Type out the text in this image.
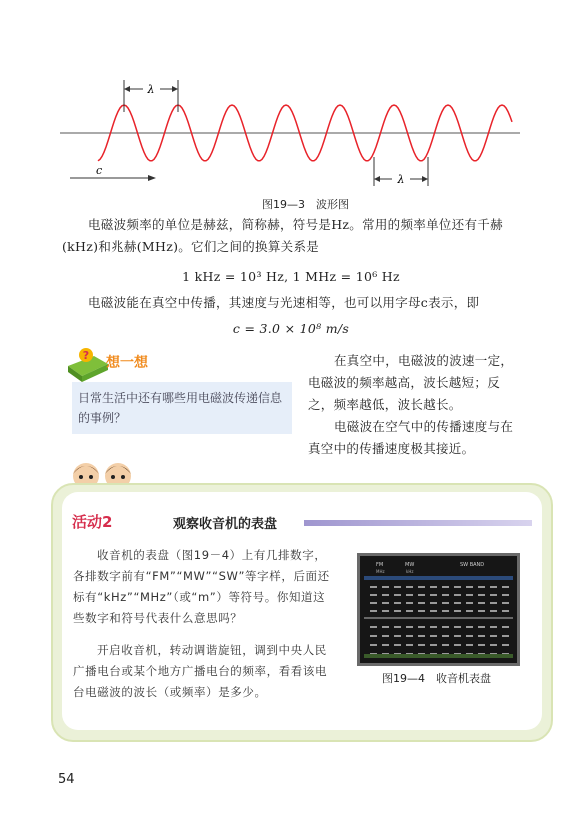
λ
c
λ
图19—3　波形图
电磁波频率的单位是赫兹，简称赫，符号是Hz。常用的频率单位还有千赫(kHz)和兆赫(MHz)。它们之间的换算关系是
1 kHz = 10³ Hz, 1 MHz = 10⁶ Hz
电磁波能在真空中传播，其速度与光速相等，也可以用字母c表示，即
c = 3.0 × 10⁸ m/s
? 想一想
日常生活中还有哪些用电磁波传递信息的事例？
在真空中，电磁波的波速一定，电磁波的频率越高，波长越短；反之，频率越低，波长越长。
电磁波在空气中的传播速度与在真空中的传播速度极其接近。
活动2	观察收音机的表盘
收音机的表盘（图19－4）上有几排数字，各排数字前有“FM”“MW”“SW”等字样，后面还标有“kHz”“MHz”（或“m”）等符号。你知道这些数字和符号代表什么意思吗？
开启收音机，转动调谐旋钮，调到中央人民广播电台或某个地方广播电台的频率，看看该电台电磁波的波长（或频率）是多少。
FM	MW	SW BAND
MHz	kHz
图19—4　收音机表盘
54
